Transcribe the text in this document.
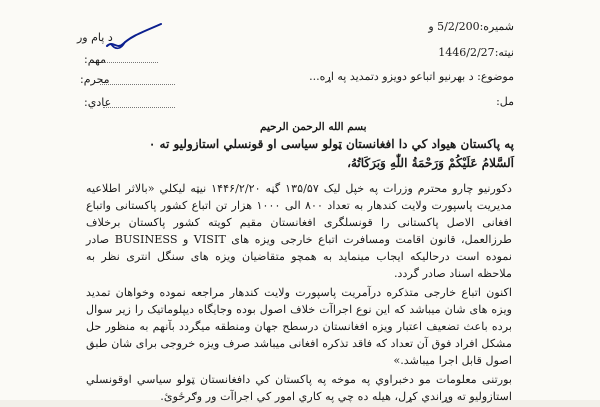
شمیره:5/2/200 و
نیته:1446/2/27
د پام ور
مهم:
محرم:
عادي:
موضوع: د بهرنیو اتباعو دویزو دتمدید په اړه...
مل:
بسم الله الرحمن الرحیم
په پاکستان هیواد کي دا افغانستان ټولو سیاسی او قونسلي استازولیو ته ۰
اَلسَّلامُ عَلَیْکُمْ وَرَحْمَةُ اللّٰهِ وَبَرَکَاتُهُ،

دکورنیو چارو محترم وزرات په خپل لیک ۱۳۵/۵۷ گڼه ۱۴۴۶/۲/۲۰ نیټه لیکلي «بالاثر اطلاعیه مدیریت پاسپورت ولایت کندهار به تعداد ۸۰۰ الی ۱۰۰۰ هزار تن اتباع کشور پاکستانی واتباع افغانی الاصل پاکستانی را قونسلگری افغانستان مقیم کویته کشور پاکستان برخلاف طرزالعمل، قانون اقامت ومسافرت اتباع خارجی ویزه های VISIT و BUSINESS صادر نموده است درحالیکه ایجاب مینماید به همچو متقاضیان ویزه های سنگل انتری نظر به ملاحظه اسناد صادر گردد.

اکنون اتباع خارجی متذکره درآمریت پاسپورت ولایت کندهار مراجعه نموده وخواهان تمدید ویزه های شان میباشد که این نوع اجراآت خلاف اصول بوده وجایگاه دیپلوماتیک را زیر سوال برده باعث تضعیف اعتبار ویزه افغانستان درسطح جهان ومنطقه میگردد بآنهم به منظور حل مشکل افراد فوق آن تعداد که فاقد تذکره افغانی میباشد صرف ویزه خروجی برای شان طبق اصول قابل اجرا میباشد.»

بورتنی معلومات مو دخبراوي په موخه په پاکستان کي دافغانستان ټولو سیاسي اوقونسلي استازولیو ته وړاندي کړل، هیله ده چي په کاري امور کي اجراآت ور وګرځوئ.
